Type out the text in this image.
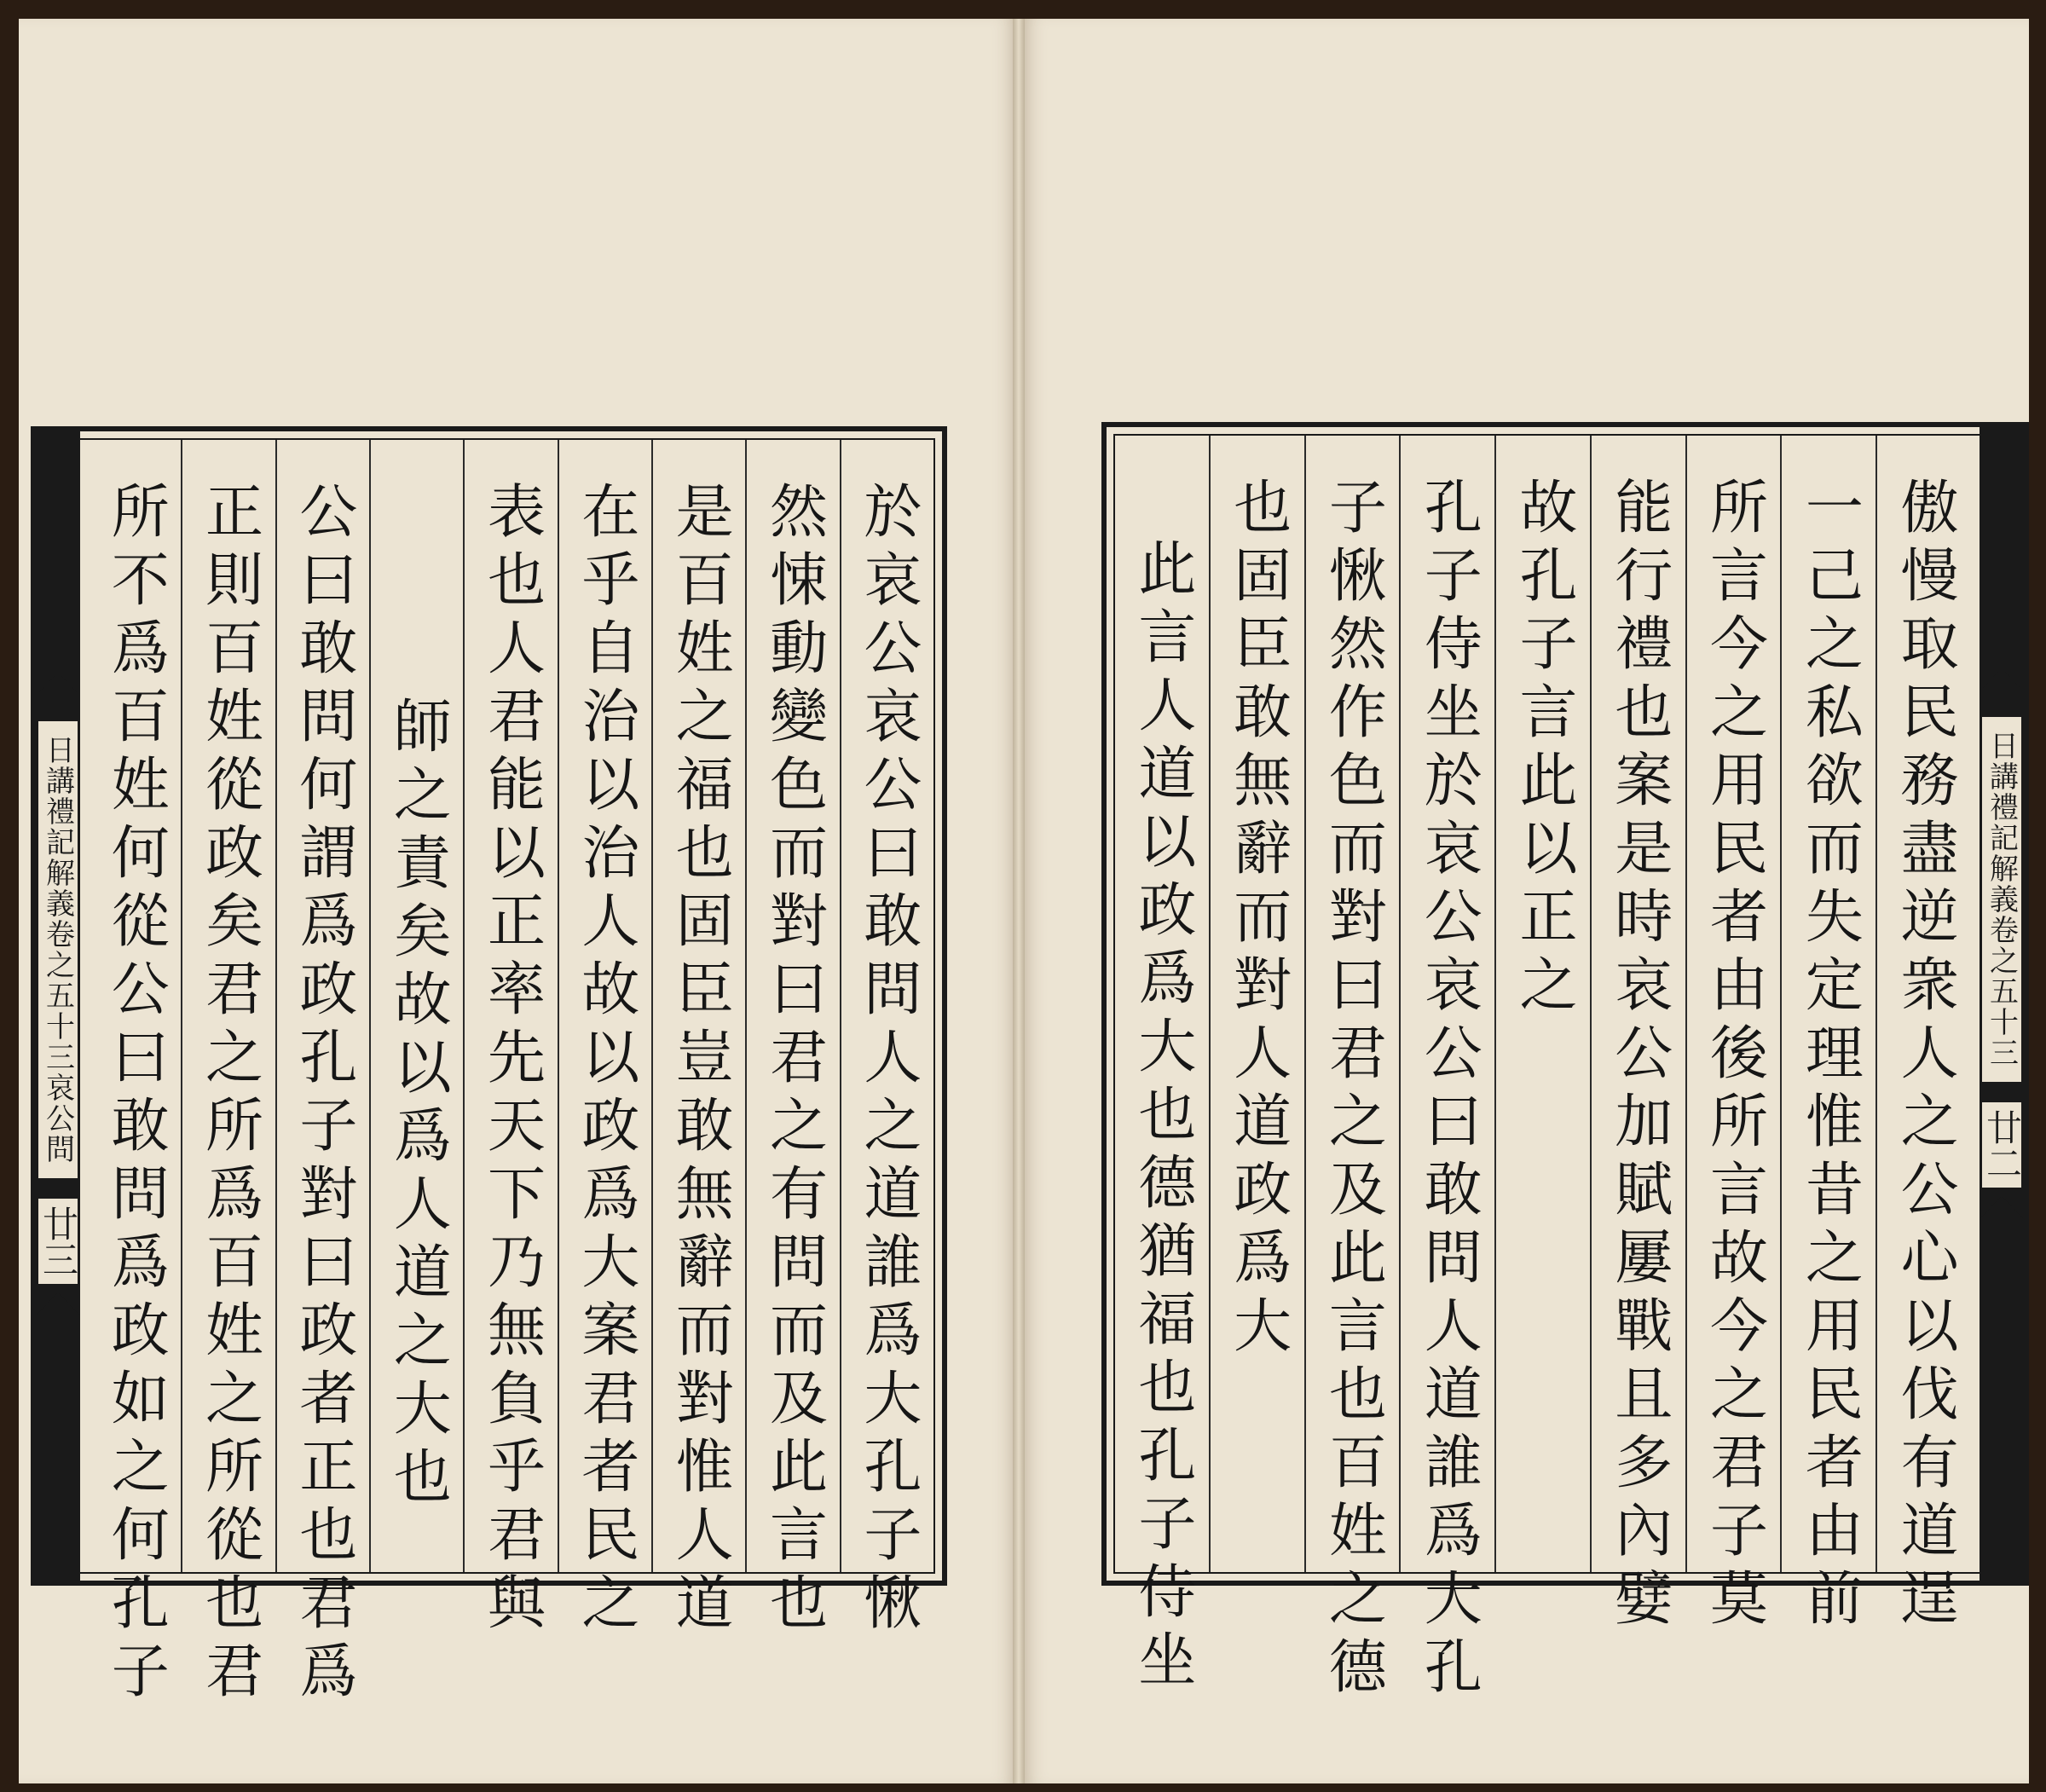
日講禮記解義卷之五十三哀公問
廿三	於哀公哀公曰敢問人之道誰爲大孔子愀
然悚動變色而對曰君之有問而及此言也
是百姓之福也固臣豈敢無辭而對惟人道
在乎自治以治人故以政爲大案君者民之
表也人君能以正率先天下乃無負乎君與
師之責矣故以爲人道之大也
公曰敢問何謂爲政孔子對曰政者正也君爲
正則百姓從政矣君之所爲百姓之所從也君
所不爲百姓何從公曰敢問爲政如之何孔子	日講禮記解義卷之五十三
廿二
傲慢取民務盡逆衆人之公心以伐有道逞
一己之私欲而失定理惟昔之用民者由前
所言今之用民者由後所言故今之君子莫
能行禮也案是時哀公加賦屢戰且多內嬖
故孔子言此以正之
孔子侍坐於哀公哀公曰敢問人道誰爲大孔
子愀然作色而對曰君之及此言也百姓之德
也固臣敢無辭而對人道政爲大
此言人道以政爲大也德猶福也孔子侍坐
